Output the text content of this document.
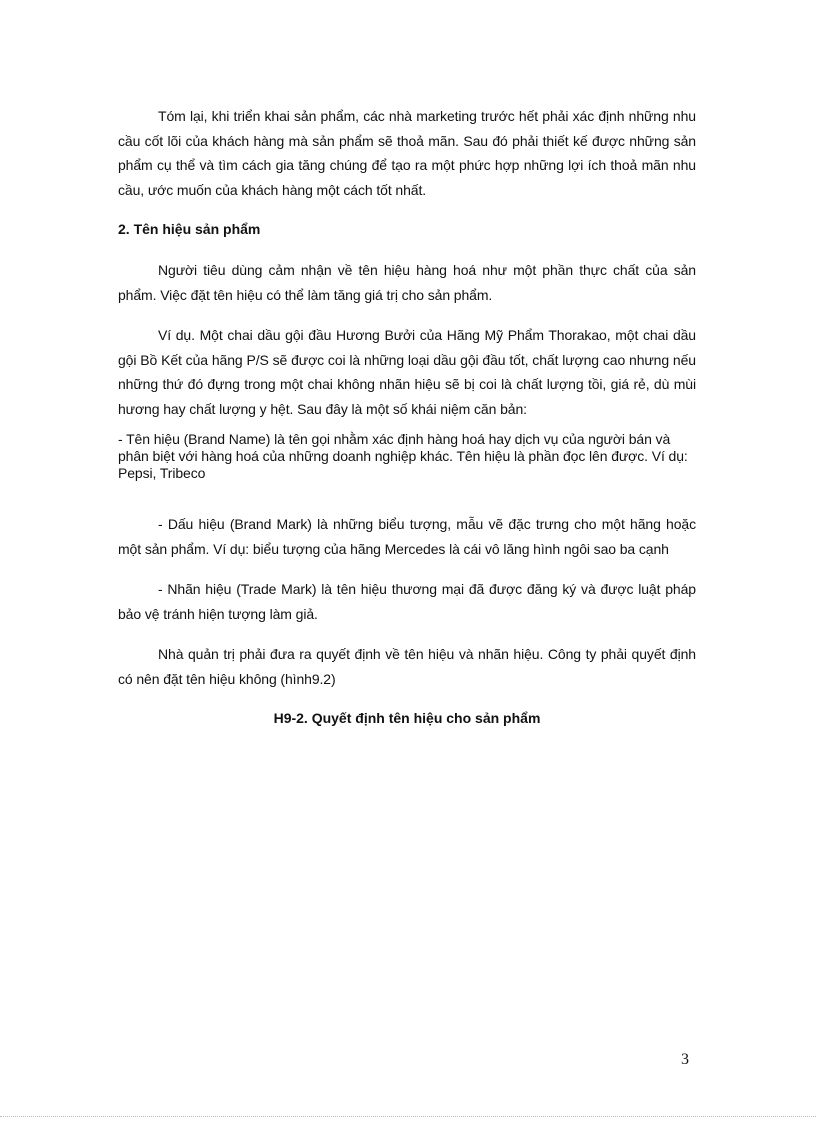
Tóm lại, khi triển khai sản phẩm, các nhà marketing trước hết phải xác định những nhu cầu cốt lõi của khách hàng mà sản phẩm sẽ thoả mãn. Sau đó phải thiết kế được những sản phẩm cụ thể và tìm cách gia tăng chúng để tạo ra một phức hợp những lợi ích thoả mãn nhu cầu, ước muốn của khách hàng một cách tốt nhất.

2. Tên hiệu sản phẩm

Người tiêu dùng cảm nhận về tên hiệu hàng hoá như một phần thực chất của sản phẩm. Việc đặt tên hiệu có thể làm tăng giá trị cho sản phẩm.

Ví dụ. Một chai dầu gội đầu Hương Bưởi của Hãng Mỹ Phẩm Thorakao, một chai dầu gội Bồ Kết của hãng P/S sẽ được coi là những loại dầu gội đầu tốt, chất lượng cao nhưng nếu những thứ đó đựng trong một chai không nhãn hiệu sẽ bị coi là chất lượng tồi, giá rẻ, dù mùi hương hay chất lượng y hệt. Sau đây là một số khái niệm căn bản:

- Tên hiệu (Brand Name) là tên gọi nhằm xác định hàng hoá hay dịch vụ của người bán và phân biệt với hàng hoá của những doanh nghiệp khác. Tên hiệu là phần đọc lên được. Ví dụ: Pepsi, Tribeco

- Dấu hiệu (Brand Mark) là những biểu tượng, mẫu vẽ đặc trưng cho một hãng hoặc một sản phẩm. Ví dụ: biểu tượng của hãng Mercedes là cái vô lăng hình ngôi sao ba cạnh

- Nhãn hiệu (Trade Mark) là tên hiệu thương mại đã được đăng ký và được luật pháp bảo vệ tránh hiện tượng làm giả.

Nhà quản trị phải đưa ra quyết định về tên hiệu và nhãn hiệu. Công ty phải quyết định có nên đặt tên hiệu không (hình9.2)

H9-2. Quyết định tên hiệu cho sản phẩm
3
